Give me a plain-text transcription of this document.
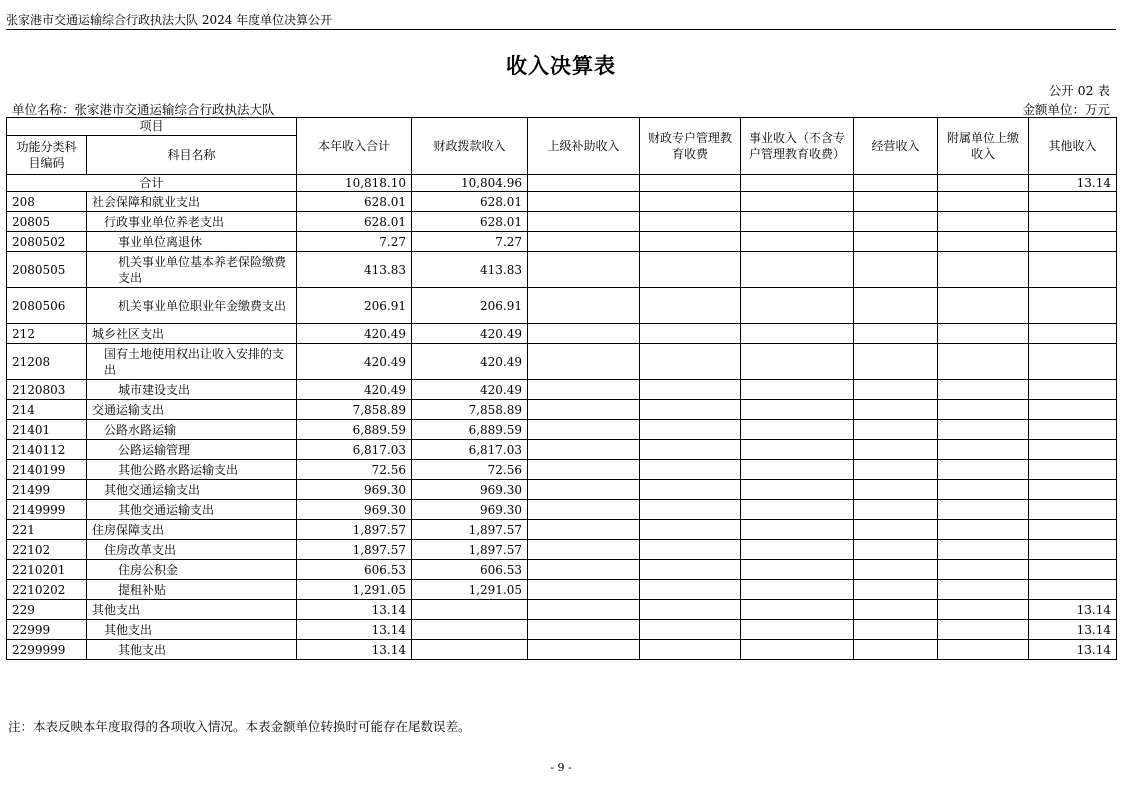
张家港市交通运输综合行政执法大队 2024 年度单位决算公开
收入决算表
公开 02 表
单位名称：张家港市交通运输综合行政执法大队	金额单位：万元
项目		本年收入合计	财政拨款收入	上级补助收入	财政专户管理教育收费	事业收入（不含专户管理教育收费）	经营收入	附属单位上缴收入	其他收入
功能分类科目编码	科目名称								
合计		10,818.10	10,804.96						13.14
208	社会保障和就业支出	628.01	628.01						
20805	行政事业单位养老支出	628.01	628.01						
2080502	事业单位离退休	7.27	7.27						
2080505	机关事业单位基本养老保险缴费支出	413.83	413.83						
2080506	机关事业单位职业年金缴费支出	206.91	206.91						
212	城乡社区支出	420.49	420.49						
21208	国有土地使用权出让收入安排的支出	420.49	420.49						
2120803	城市建设支出	420.49	420.49						
214	交通运输支出	7,858.89	7,858.89						
21401	公路水路运输	6,889.59	6,889.59						
2140112	公路运输管理	6,817.03	6,817.03						
2140199	其他公路水路运输支出	72.56	72.56						
21499	其他交通运输支出	969.30	969.30						
2149999	其他交通运输支出	969.30	969.30						
221	住房保障支出	1,897.57	1,897.57						
22102	住房改革支出	1,897.57	1,897.57						
2210201	住房公积金	606.53	606.53						
2210202	提租补贴	1,291.05	1,291.05						
229	其他支出	13.14							13.14
22999	其他支出	13.14							13.14
2299999	其他支出	13.14							13.14
注：本表反映本年度取得的各项收入情况。本表金额单位转换时可能存在尾数误差。
- 9 -
